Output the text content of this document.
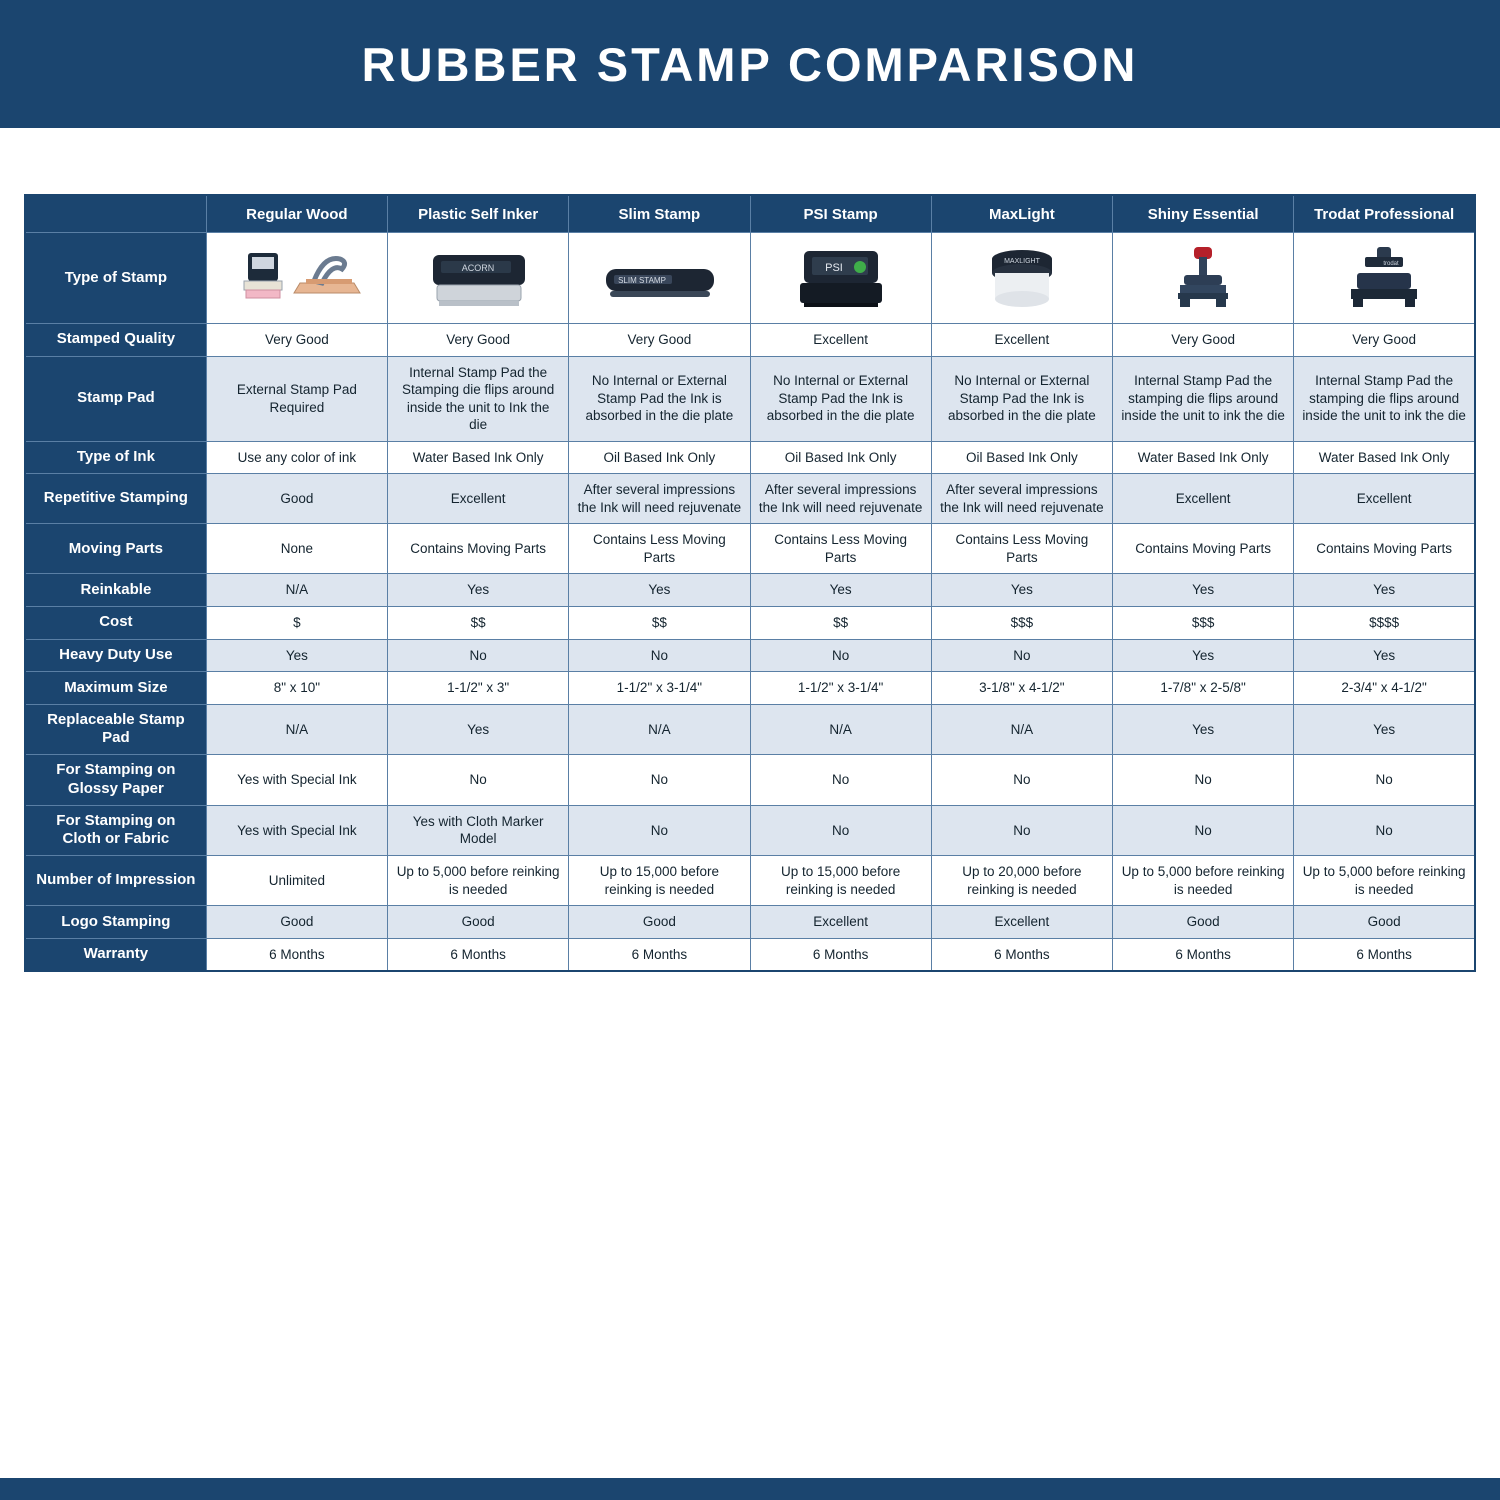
RUBBER STAMP COMPARISON
	Regular Wood	Plastic Self Inker	Slim Stamp	PSI Stamp	MaxLight	Shiny Essential	Trodat Professional
Type of Stamp		ACORN	SLIM STAMP	PSI	MAXLIGHT		trodat

Stamped Quality	Very Good	Very Good	Very Good	Excellent	Excellent	Very Good	Very Good
Stamp Pad	External Stamp Pad Required	Internal Stamp Pad the Stamping die flips around inside the unit to Ink the die	No Internal or External Stamp Pad the Ink is absorbed in the die plate	No Internal or External Stamp Pad the Ink is absorbed in the die plate	No Internal or External Stamp Pad the Ink is absorbed in the die plate	Internal Stamp Pad the stamping die flips around inside the unit to ink the die	Internal Stamp Pad the stamping die flips around inside the unit to ink the die
Type of Ink	Use any color of ink	Water Based Ink Only	Oil Based Ink Only	Oil Based Ink Only	Oil Based Ink Only	Water Based Ink Only	Water Based Ink Only
Repetitive Stamping	Good	Excellent	After several impressions the Ink will need rejuvenate	After several impressions the Ink will need rejuvenate	After several impressions the Ink will need rejuvenate	Excellent	Excellent
Moving Parts	None	Contains Moving Parts	Contains Less Moving Parts	Contains Less Moving Parts	Contains Less Moving Parts	Contains Moving Parts	Contains Moving Parts
Reinkable	N/A	Yes	Yes	Yes	Yes	Yes	Yes
Cost	$	$$	$$	$$	$$$	$$$	$$$$
Heavy Duty Use	Yes	No	No	No	No	Yes	Yes
Maximum Size	8" x 10"	1-1/2" x 3"	1-1/2" x 3-1/4"	1-1/2" x 3-1/4"	3-1/8" x 4-1/2"	1-7/8" x 2-5/8"	2-3/4" x 4-1/2"
Replaceable Stamp Pad	N/A	Yes	N/A	N/A	N/A	Yes	Yes
For Stamping on Glossy Paper	Yes with Special Ink	No	No	No	No	No	No
For Stamping on Cloth or Fabric	Yes with Special Ink	Yes with Cloth Marker Model	No	No	No	No	No
Number of Impression	Unlimited	Up to 5,000 before reinking is needed	Up to 15,000 before reinking is needed	Up to 15,000 before reinking is needed	Up to 20,000 before reinking is needed	Up to 5,000 before reinking is needed	Up to 5,000 before reinking is needed
Logo Stamping	Good	Good	Good	Excellent	Excellent	Good	Good
Warranty	6 Months	6 Months	6 Months	6 Months	6 Months	6 Months	6 Months
